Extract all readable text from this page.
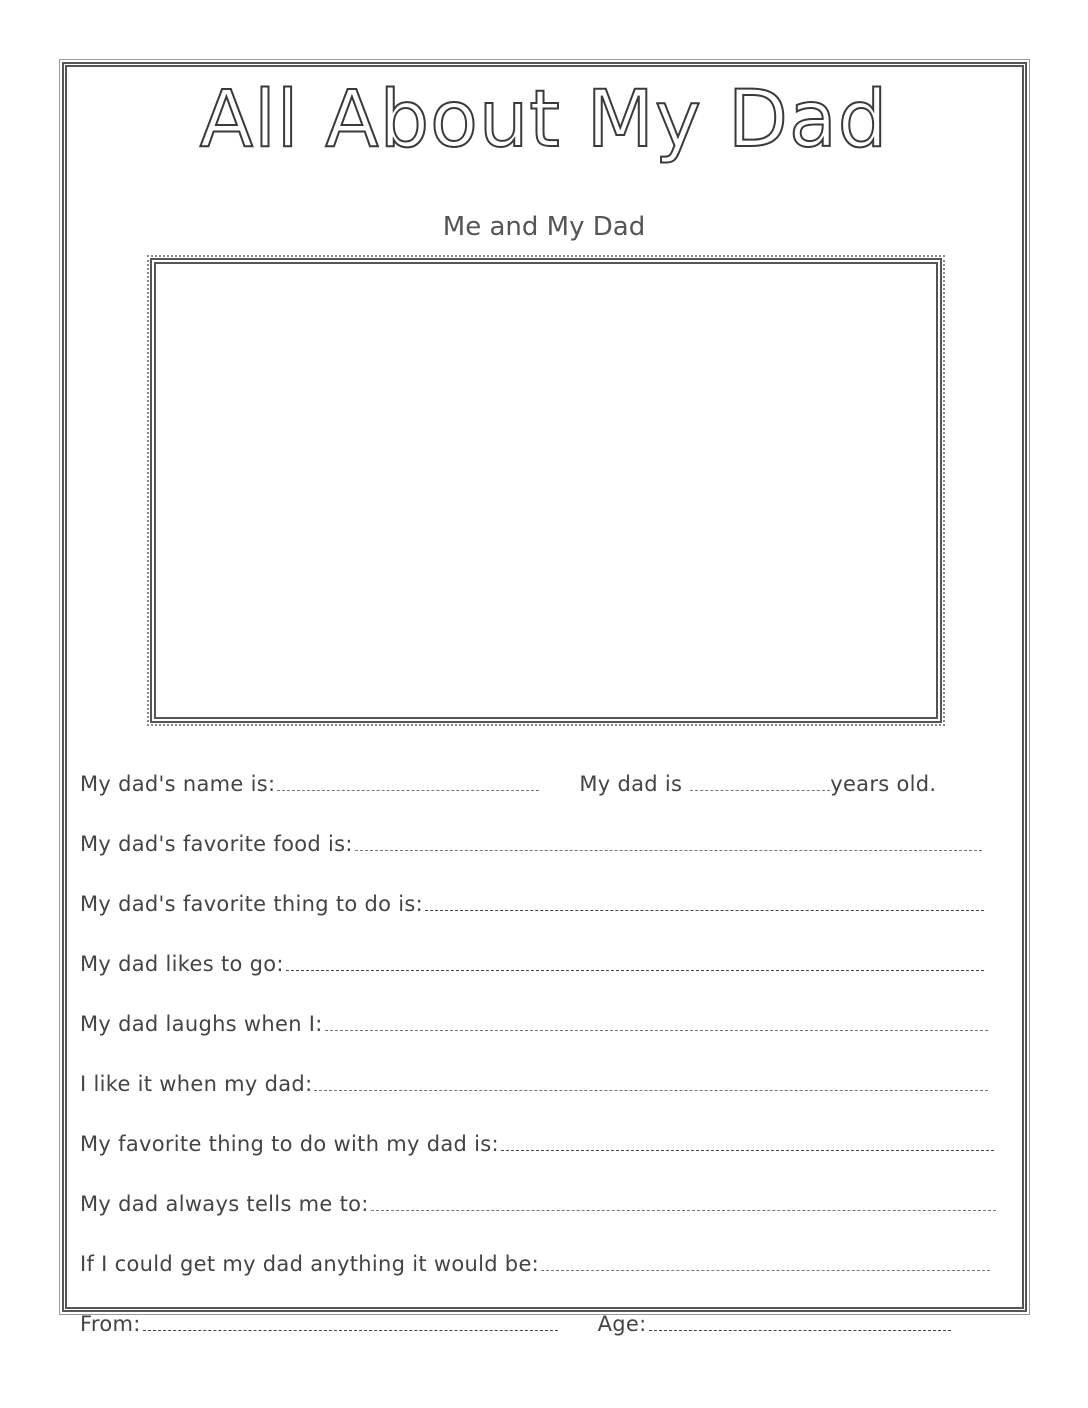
All About My Dad
Me and My Dad
My dad's name is:	My dad is	years old.
My dad's favorite food is:
My dad's favorite thing to do is:
My dad likes to go:
My dad laughs when I:
I like it when my dad:
My favorite thing to do with my dad is:
My dad always tells me to:
If I could get my dad anything it would be:
From:	Age:
